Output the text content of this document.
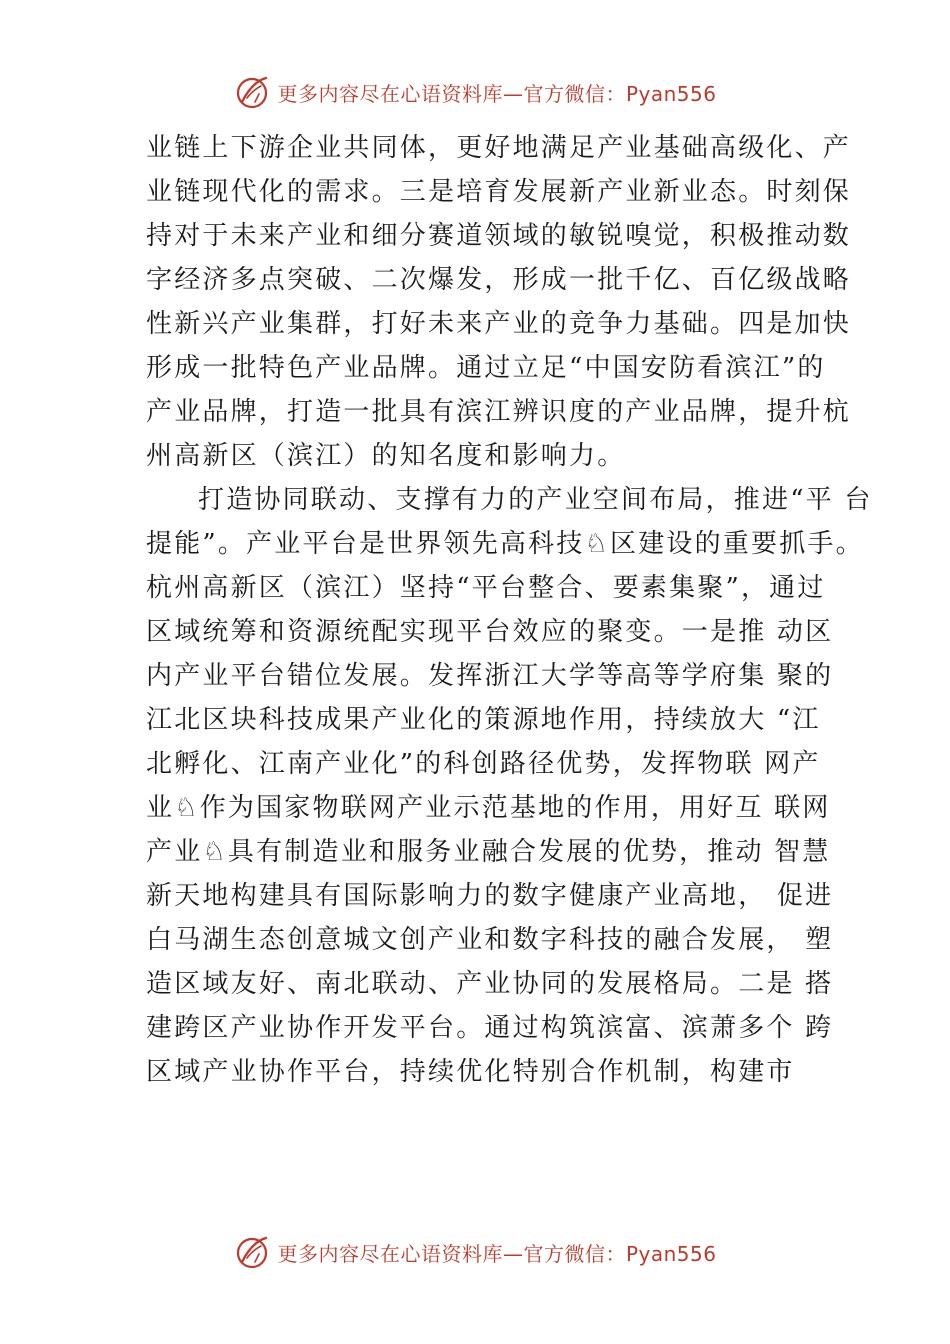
更多内容尽在心语资料库—官方微信：Pyan556
业链上下游企业共同体，更好地满足产业基础高级化、产
业链现代化的需求。三是培育发展新产业新业态。时刻保
持对于未来产业和细分赛道领域的敏锐嗅觉，积极推动数
字经济多点突破、二次爆发，形成一批千亿、百亿级战略
性新兴产业集群，打好未来产业的竞争力基础。四是加快
形成一批特色产业品牌。通过立足“中国安防看滨江”的
产业品牌，打造一批具有滨江辨识度的产业品牌，提升杭
州高新区（滨江）的知名度和影响力。
打造协同联动、支撑有力的产业空间布局，推进“平 台
提能”。产业平台是世界领先高科技♘区建设的重要抓手。
杭州高新区（滨江）坚持“平台整合、要素集聚”，通过
区域统筹和资源统配实现平台效应的聚变。一是推 动区
内产业平台错位发展。发挥浙江大学等高等学府集 聚的
江北区块科技成果产业化的策源地作用，持续放大 “江
北孵化、江南产业化”的科创路径优势，发挥物联 网产
业♘作为国家物联网产业示范基地的作用，用好互 联网
产业♘具有制造业和服务业融合发展的优势，推动 智慧
新天地构建具有国际影响力的数字健康产业高地， 促进
白马湖生态创意城文创产业和数字科技的融合发展， 塑
造区域友好、南北联动、产业协同的发展格局。二是 搭
建跨区产业协作开发平台。通过构筑滨富、滨萧多个 跨
区域产业协作平台，持续优化特别合作机制，构建市
更多内容尽在心语资料库—官方微信：Pyan556
